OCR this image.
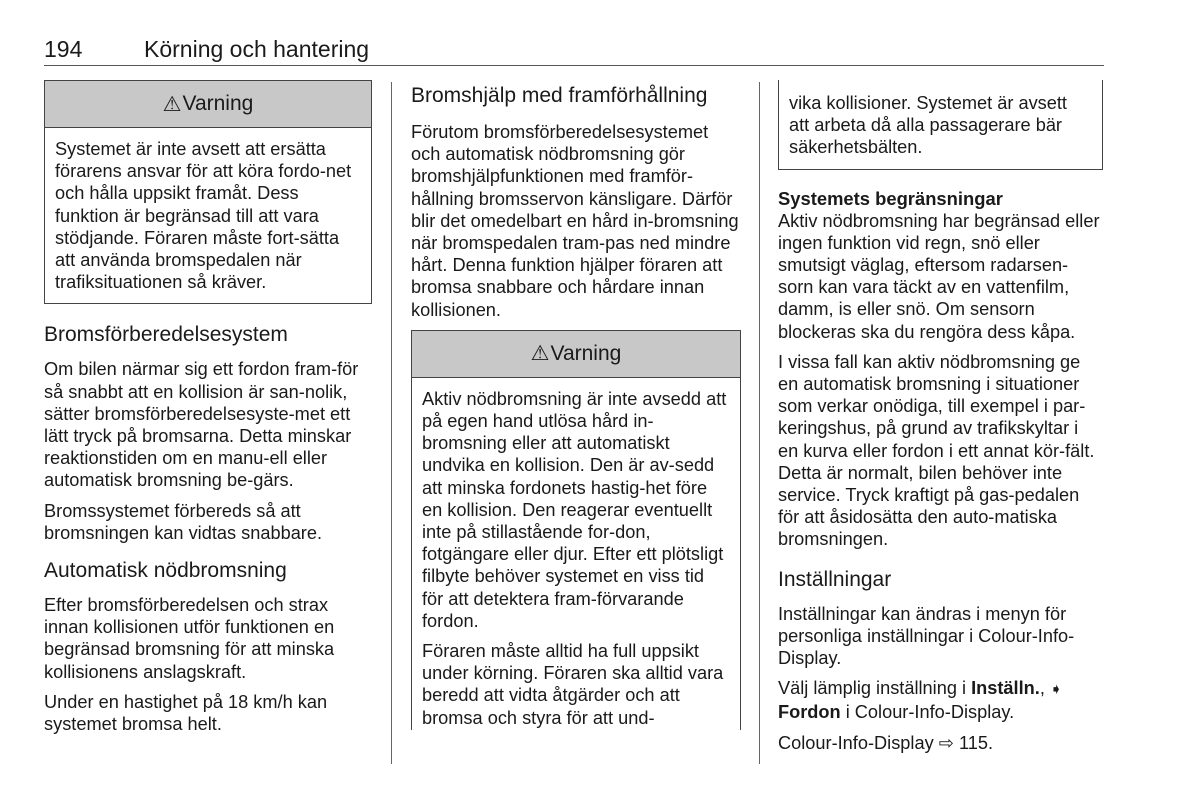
194	Körning och hantering
⚠ Varning

Systemet är inte avsett att ersätta förarens ansvar för att köra fordo-net och hålla uppsikt framåt. Dess funktion är begränsad till att vara stödjande. Föraren måste fort-sätta att använda bromspedalen när trafiksituationen så kräver.

Bromsförberedelsesystem

Om bilen närmar sig ett fordon fram-för så snabbt att en kollision är san-nolik, sätter bromsförberedelsesyste-met ett lätt tryck på bromsarna. Detta minskar reaktionstiden om en manu-ell eller automatisk bromsning be-gärs.

Bromssystemet förbereds så att bromsningen kan vidtas snabbare.

Automatisk nödbromsning

Efter bromsförberedelsen och strax innan kollisionen utför funktionen en begränsad bromsning för att minska kollisionens anslagskraft.

Under en hastighet på 18 km/h kan systemet bromsa helt.

Bromshjälp med framförhållning

Förutom bromsförberedelsesystemet och automatisk nödbromsning gör bromshjälpfunktionen med framför-hållning bromsservon känsligare. Därför blir det omedelbart en hård in-bromsning när bromspedalen tram-pas ned mindre hårt. Denna funktion hjälper föraren att bromsa snabbare och hårdare innan kollisionen.

⚠ Varning

Aktiv nödbromsning är inte avsedd att på egen hand utlösa hård in-bromsning eller att automatiskt undvika en kollision. Den är av-sedd att minska fordonets hastig-het före en kollision. Den reagerar eventuellt inte på stillastående for-don, fotgängare eller djur. Efter ett plötsligt filbyte behöver systemet en viss tid för att detektera fram-förvarande fordon.

Föraren måste alltid ha full uppsikt under körning. Föraren ska alltid vara beredd att vidta åtgärder och att bromsa och styra för att und-

vika kollisioner. Systemet är avsett att arbeta då alla passagerare bär säkerhetsbälten.

Systemets begränsningar

Aktiv nödbromsning har begränsad eller ingen funktion vid regn, snö eller smutsigt väglag, eftersom radarsen-sorn kan vara täckt av en vattenfilm, damm, is eller snö. Om sensorn blockeras ska du rengöra dess kåpa.

I vissa fall kan aktiv nödbromsning ge en automatisk bromsning i situationer som verkar onödiga, till exempel i par-keringshus, på grund av trafikskyltar i en kurva eller fordon i ett annat kör-fält. Detta är normalt, bilen behöver inte service. Tryck kraftigt på gas-pedalen för att åsidosätta den auto-matiska bromsningen.

Inställningar

Inställningar kan ändras i menyn för personliga inställningar i Colour-Info-Display.

Välj lämplig inställning i Inställn., ➧
Fordon i Colour-Info-Display.

Colour-Info-Display ⇨ 115.
